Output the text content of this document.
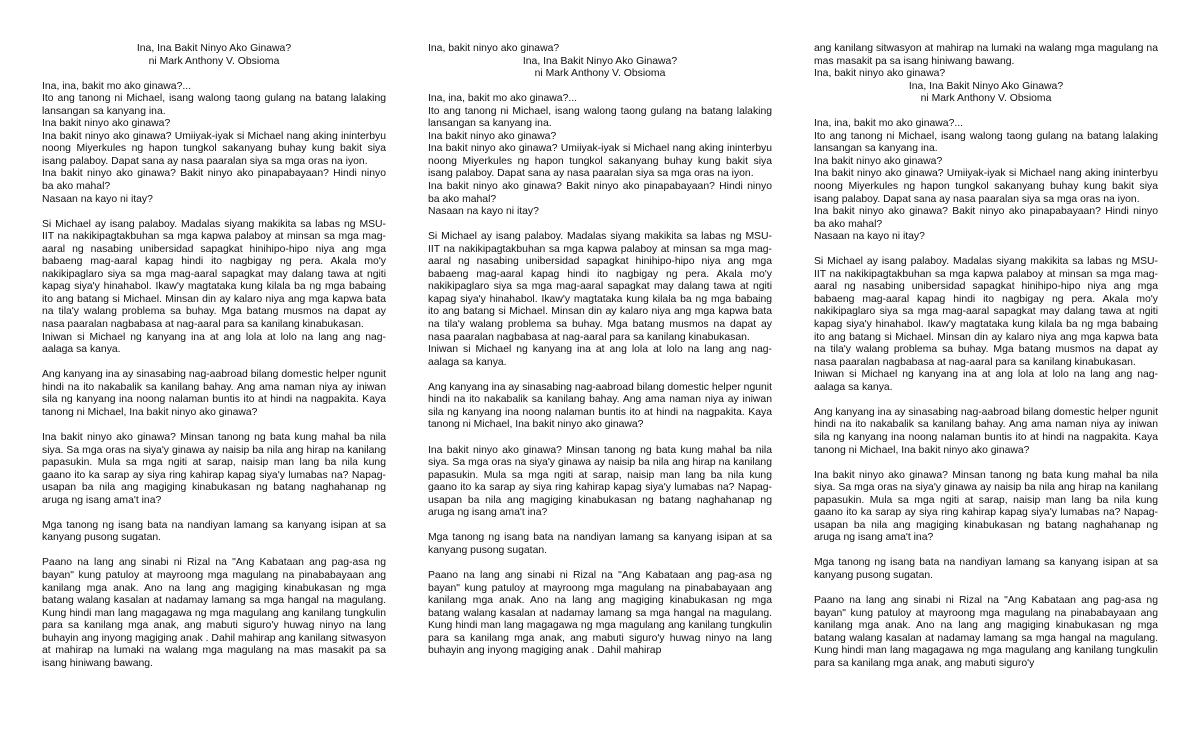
Ina, Ina Bakit Ninyo Ako Ginawa?

ni Mark Anthony V. Obsioma

Ina, ina, bakit mo ako ginawa?...

Ito ang tanong ni Michael, isang walong taong gulang na batang lalaking lansangan sa kanyang ina.

Ina bakit ninyo ako ginawa?

Ina bakit ninyo ako ginawa? Umiiyak-iyak si Michael nang aking ininterbyu noong Miyerkules ng hapon tungkol sakanyang buhay kung bakit siya isang palaboy. Dapat sana ay nasa paaralan siya sa mga oras na iyon.

Ina bakit ninyo ako ginawa? Bakit ninyo ako pinapabayaan? Hindi ninyo ba ako mahal?

Nasaan na kayo ni itay?

Si Michael ay isang palaboy. Madalas siyang makikita sa labas ng MSU-IIT na nakikipagtakbuhan sa mga kapwa palaboy at minsan sa mga mag-aaral ng nasabing unibersidad sapagkat hinihipo-hipo niya ang mga babaeng mag-aaral kapag hindi ito nagbigay ng pera. Akala mo'y nakikipaglaro siya sa mga mag-aaral sapagkat may dalang tawa at ngiti kapag siya'y hinahabol. Ikaw'y magtataka kung kilala ba ng mga babaing ito ang batang si Michael. Minsan din ay kalaro niya ang mga kapwa bata na tila'y walang problema sa buhay. Mga batang musmos na dapat ay nasa paaralan nagbabasa at nag-aaral para sa kanilang kinabukasan.

Iniwan si Michael ng kanyang ina at ang lola at lolo na lang ang nag-aalaga sa kanya.

Ang kanyang ina ay sinasabing nag-aabroad bilang domestic helper ngunit hindi na ito nakabalik sa kanilang bahay. Ang ama naman niya ay iniwan sila ng kanyang ina noong nalaman buntis ito at hindi na nagpakita. Kaya tanong ni Michael, Ina bakit ninyo ako ginawa?

Ina bakit ninyo ako ginawa? Minsan tanong ng bata kung mahal ba nila siya. Sa mga oras na siya'y ginawa ay naisip ba nila ang hirap na kanilang papasukin. Mula sa mga ngiti at sarap, naisip man lang ba nila kung gaano ito ka sarap ay siya ring kahirap kapag siya'y lumabas na? Napag-usapan ba nila ang magiging kinabukasan ng batang naghahanap ng aruga ng isang ama't ina?

Mga tanong ng isang bata na nandiyan lamang sa kanyang isipan at sa kanyang pusong sugatan.

Paano na lang ang sinabi ni Rizal na "Ang Kabataan ang pag-asa ng bayan" kung patuloy at mayroong mga magulang na pinababayaan ang kanilang mga anak. Ano na lang ang magiging kinabukasan ng mga batang walang kasalan at nadamay lamang sa mga hangal na magulang. Kung hindi man lang magagawa ng mga magulang ang kanilang tungkulin para sa kanilang mga anak, ang mabuti siguro'y huwag ninyo na lang buhayin ang inyong magiging anak . Dahil mahirap ang kanilang sitwasyon at mahirap na lumaki na walang mga magulang na mas masakit pa sa isang hiniwang bawang.

Ina, bakit ninyo ako ginawa?

Ina, Ina Bakit Ninyo Ako Ginawa?

ni Mark Anthony V. Obsioma

Ina, ina, bakit mo ako ginawa?...

Ito ang tanong ni Michael, isang walong taong gulang na batang lalaking lansangan sa kanyang ina.

Ina bakit ninyo ako ginawa?

Ina bakit ninyo ako ginawa? Umiiyak-iyak si Michael nang aking ininterbyu noong Miyerkules ng hapon tungkol sakanyang buhay kung bakit siya isang palaboy. Dapat sana ay nasa paaralan siya sa mga oras na iyon.

Ina bakit ninyo ako ginawa? Bakit ninyo ako pinapabayaan? Hindi ninyo ba ako mahal?

Nasaan na kayo ni itay?

Si Michael ay isang palaboy. Madalas siyang makikita sa labas ng MSU-IIT na nakikipagtakbuhan sa mga kapwa palaboy at minsan sa mga mag-aaral ng nasabing unibersidad sapagkat hinihipo-hipo niya ang mga babaeng mag-aaral kapag hindi ito nagbigay ng pera. Akala mo'y nakikipaglaro siya sa mga mag-aaral sapagkat may dalang tawa at ngiti kapag siya'y hinahabol. Ikaw'y magtataka kung kilala ba ng mga babaing ito ang batang si Michael. Minsan din ay kalaro niya ang mga kapwa bata na tila'y walang problema sa buhay. Mga batang musmos na dapat ay nasa paaralan nagbabasa at nag-aaral para sa kanilang kinabukasan.

Iniwan si Michael ng kanyang ina at ang lola at lolo na lang ang nag-aalaga sa kanya.

Ang kanyang ina ay sinasabing nag-aabroad bilang domestic helper ngunit hindi na ito nakabalik sa kanilang bahay. Ang ama naman niya ay iniwan sila ng kanyang ina noong nalaman buntis ito at hindi na nagpakita. Kaya tanong ni Michael, Ina bakit ninyo ako ginawa?

Ina bakit ninyo ako ginawa? Minsan tanong ng bata kung mahal ba nila siya. Sa mga oras na siya'y ginawa ay naisip ba nila ang hirap na kanilang papasukin. Mula sa mga ngiti at sarap, naisip man lang ba nila kung gaano ito ka sarap ay siya ring kahirap kapag siya'y lumabas na? Napag-usapan ba nila ang magiging kinabukasan ng batang naghahanap ng aruga ng isang ama't ina?

Mga tanong ng isang bata na nandiyan lamang sa kanyang isipan at sa kanyang pusong sugatan.

Paano na lang ang sinabi ni Rizal na "Ang Kabataan ang pag-asa ng bayan" kung patuloy at mayroong mga magulang na pinababayaan ang kanilang mga anak. Ano na lang ang magiging kinabukasan ng mga batang walang kasalan at nadamay lamang sa mga hangal na magulang. Kung hindi man lang magagawa ng mga magulang ang kanilang tungkulin para sa kanilang mga anak, ang mabuti siguro'y huwag ninyo na lang buhayin ang inyong magiging anak . Dahil mahirap

ang kanilang sitwasyon at mahirap na lumaki na walang mga magulang na mas masakit pa sa isang hiniwang bawang.

Ina, bakit ninyo ako ginawa?

Ina, Ina Bakit Ninyo Ako Ginawa?

ni Mark Anthony V. Obsioma

Ina, ina, bakit mo ako ginawa?...

Ito ang tanong ni Michael, isang walong taong gulang na batang lalaking lansangan sa kanyang ina.

Ina bakit ninyo ako ginawa?

Ina bakit ninyo ako ginawa? Umiiyak-iyak si Michael nang aking ininterbyu noong Miyerkules ng hapon tungkol sakanyang buhay kung bakit siya isang palaboy. Dapat sana ay nasa paaralan siya sa mga oras na iyon.

Ina bakit ninyo ako ginawa? Bakit ninyo ako pinapabayaan? Hindi ninyo ba ako mahal?

Nasaan na kayo ni itay?

Si Michael ay isang palaboy. Madalas siyang makikita sa labas ng MSU-IIT na nakikipagtakbuhan sa mga kapwa palaboy at minsan sa mga mag-aaral ng nasabing unibersidad sapagkat hinihipo-hipo niya ang mga babaeng mag-aaral kapag hindi ito nagbigay ng pera. Akala mo'y nakikipaglaro siya sa mga mag-aaral sapagkat may dalang tawa at ngiti kapag siya'y hinahabol. Ikaw'y magtataka kung kilala ba ng mga babaing ito ang batang si Michael. Minsan din ay kalaro niya ang mga kapwa bata na tila'y walang problema sa buhay. Mga batang musmos na dapat ay nasa paaralan nagbabasa at nag-aaral para sa kanilang kinabukasan.

Iniwan si Michael ng kanyang ina at ang lola at lolo na lang ang nag-aalaga sa kanya.

Ang kanyang ina ay sinasabing nag-aabroad bilang domestic helper ngunit hindi na ito nakabalik sa kanilang bahay. Ang ama naman niya ay iniwan sila ng kanyang ina noong nalaman buntis ito at hindi na nagpakita. Kaya tanong ni Michael, Ina bakit ninyo ako ginawa?

Ina bakit ninyo ako ginawa? Minsan tanong ng bata kung mahal ba nila siya. Sa mga oras na siya'y ginawa ay naisip ba nila ang hirap na kanilang papasukin. Mula sa mga ngiti at sarap, naisip man lang ba nila kung gaano ito ka sarap ay siya ring kahirap kapag siya'y lumabas na? Napag-usapan ba nila ang magiging kinabukasan ng batang naghahanap ng aruga ng isang ama't ina?

Mga tanong ng isang bata na nandiyan lamang sa kanyang isipan at sa kanyang pusong sugatan.

Paano na lang ang sinabi ni Rizal na "Ang Kabataan ang pag-asa ng bayan" kung patuloy at mayroong mga magulang na pinababayaan ang kanilang mga anak. Ano na lang ang magiging kinabukasan ng mga batang walang kasalan at nadamay lamang sa mga hangal na magulang. Kung hindi man lang magagawa ng mga magulang ang kanilang tungkulin para sa kanilang mga anak, ang mabuti siguro'y
